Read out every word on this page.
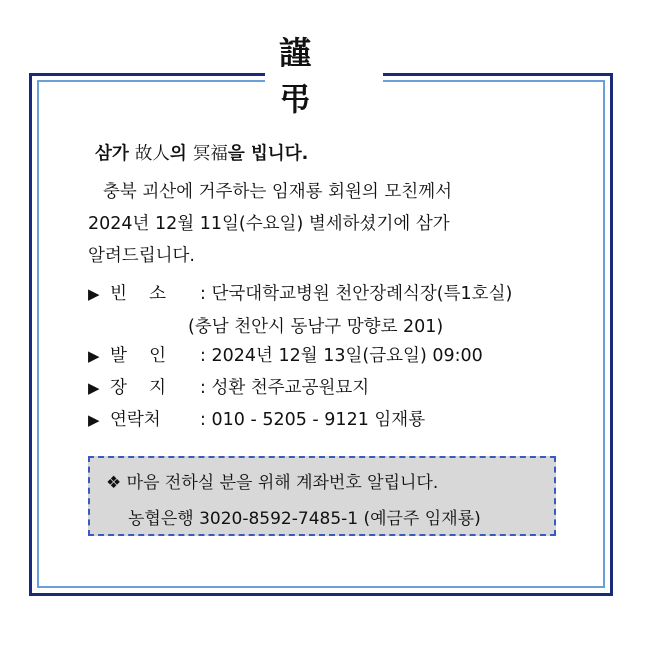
謹 弔
삼가 故人의 冥福을 빕니다.
충북 괴산에 거주하는 임재룡 회원의 모친께서
2024년 12월 11일(수요일) 별세하셨기에 삼가
알려드립니다.
▶ 빈    소 : 단국대학교병원 천안장례식장(특1호실)
(충남 천안시 동남구 망향로 201)
▶ 발    인 : 2024년 12월 13일(금요일) 09:00
▶ 장    지 : 성환 천주교공원묘지
▶ 연락처 : 010 - 5205 - 9121 임재룡
❖ 마음 전하실 분을 위해 계좌번호 알립니다.
농협은행 3020-8592-7485-1 (예금주 임재룡)
